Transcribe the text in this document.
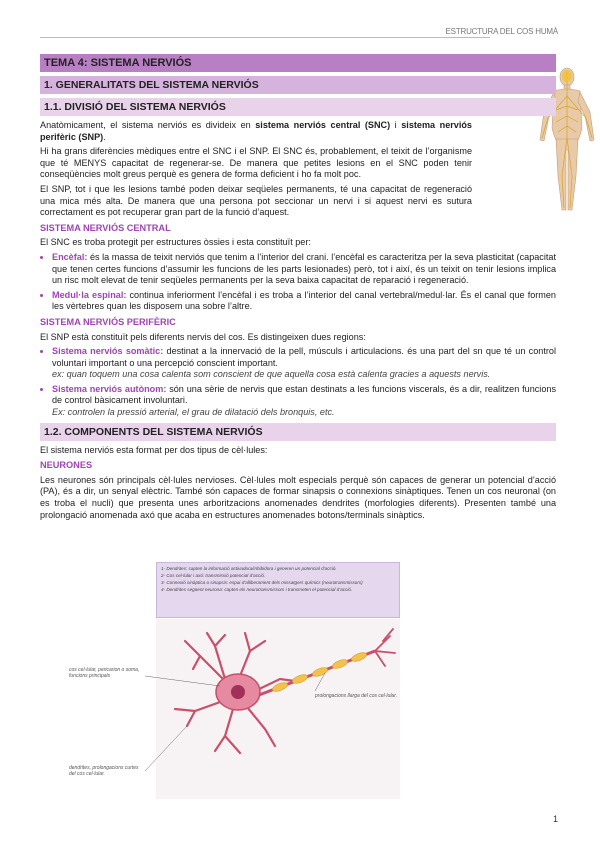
ESTRUCTURA DEL COS HUMÀ
TEMA 4: SISTEMA NERVIÓS
1. GENERALITATS DEL SISTEMA NERVIÓS
1.1. DIVISIÓ DEL SISTEMA NERVIÓS

Anatòmicament, el sistema nerviós es divideix en sistema nerviós central (SNC) i sistema nerviós perifèric (SNP).

Hi ha grans diferències mèdiques entre el SNC i el SNP. El SNC és, probablement, el teixit de l’organisme que té MENYS capacitat de regenerar-se. De manera que petites lesions en el SNC poden tenir conseqüències molt greus perquè es genera de forma deficient i ho fa molt poc.

El SNP, tot i que les lesions també poden deixar seqüeles permanents, té una capacitat de regeneració una mica més alta. De manera que una persona pot seccionar un nervi i si aquest nervi es sutura correctament es pot recuperar gran part de la funció d’aquest.

SISTEMA NERVIÓS CENTRAL

El SNC es troba protegit per estructures òssies i esta constituït per:

• Encèfal: és la massa de teixit nerviós que tenim a l’interior del crani. l’encèfal es caracteritza per la seva plasticitat (capacitat que tenen certes funcions d’assumir les funcions de les parts lesionades) però, tot i així, és un teixit on tenir lesions implica un risc molt elevat de tenir seqüeles permanents per la seva baixa capacitat de reparació i regeneració.
• Medul·la espinal: continua inferiorment l’encèfal i es troba a l’interior del canal vertebral/medul·lar. És el canal que formen les vèrtebres quan les disposem una sobre l’altre.
SISTEMA NERVIÓS PERIFÈRIC

El SNP està constituït pels diferents nervis del cos. Es distingeixen dues regions:

• Sistema nerviós somàtic: destinat a la innervació de la pell, músculs i articulacions. és una part del sn que té un control voluntari important o una percepció conscient important.
ex: quan toquem una cosa calenta som conscient de que aquella cosa està calenta gracies a aquests nervis.
• Sistema nerviós autònom: són una sèrie de nervis que estan destinats a les funcions viscerals, és a dir, realitzen funcions de control bàsicament involuntari.
Ex: controlen la pressió arterial, el grau de dilatació dels bronquis, etc.
1.2. COMPONENTS DEL SISTEMA NERVIÓS

El sistema nerviós esta format per dos tipus de cèl·lules:

NEURONES

Les neurones són principals cèl·lules nervioses. Cèl·lules molt especials perquè són capaces de generar un potencial d’acció (PA), és a dir, un senyal elèctric. També són capaces de formar sinapsis o connexions sinàptiques. Tenen un cos neuronal (on es troba el nucli) que presenta unes arboritzacions anomenades dendrites (morfologies diferents). Presenten també una prolongació anomenada axó que acaba en estructures anomenades botons/terminals sinàptics.

1- Dendrites: capten la informació activadora/inhibidora i generen un potencial d’acció.
2- Cos cel·lular i axó: transmissió potencial d’acció.
3- Connexió sinàptica o sinapsis: espai d’alliberament dels missatgers químics (neurotransmissors)
4- Dendrites següent neurona: capten els neurotransmissors i transmeten el potencial d’acció.
cos cel·lular, pericarion o soma, funcions principals
prolongacions llarga del cos cel·lular.
dendrites, prolongacions curtes del cos cel·lular.
1
